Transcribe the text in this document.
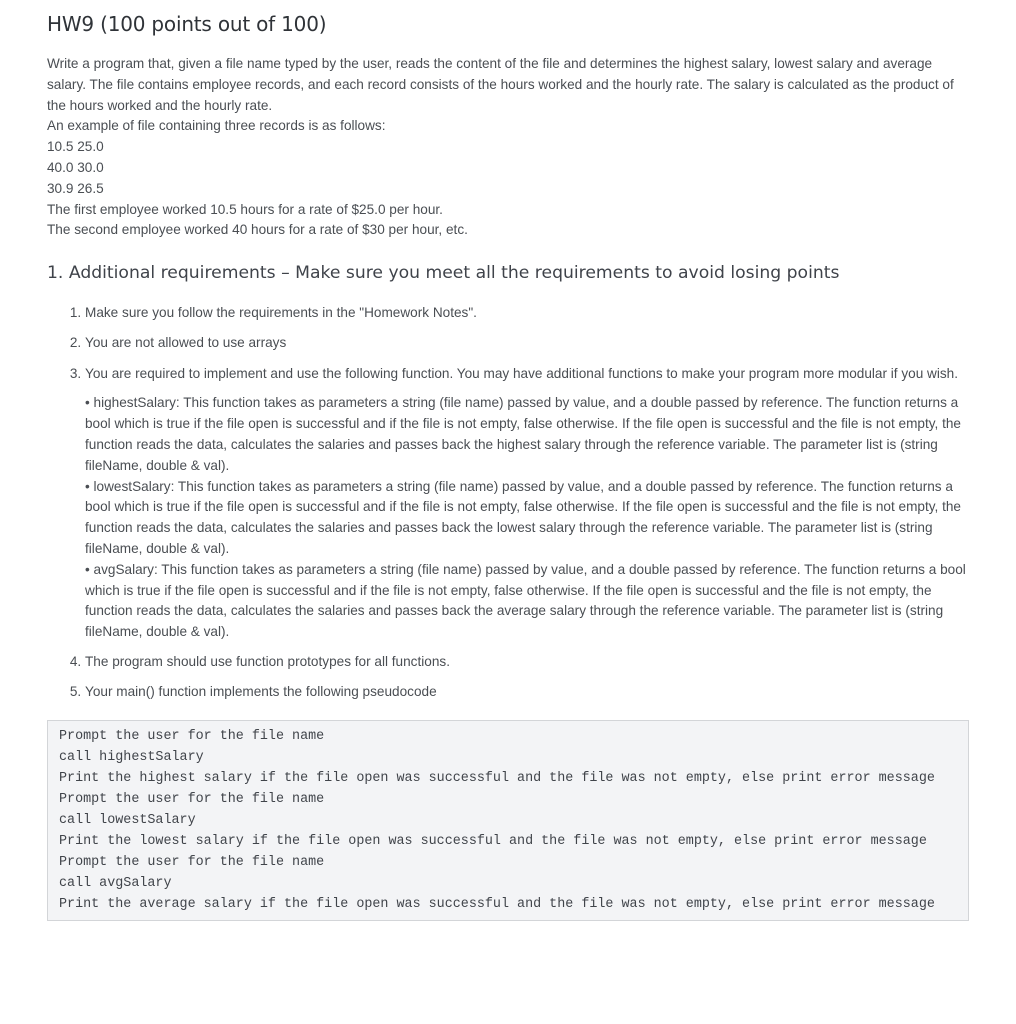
HW9 (100 points out of 100)

Write a program that, given a file name typed by the user, reads the content of the file and determines the highest salary, lowest salary and average salary. The file contains employee records, and each record consists of the hours worked and the hourly rate. The salary is calculated as the product of the hours worked and the hourly rate.

An example of file containing three records is as follows:

10.5 25.0

40.0 30.0

30.9 26.5

The first employee worked 10.5 hours for a rate of $25.0 per hour.

The second employee worked 40 hours for a rate of $30 per hour, etc.

1. Additional requirements – Make sure you meet all the requirements to avoid losing points
1. Make sure you follow the requirements in the "Homework Notes".
2. You are not allowed to use arrays
3. You are required to implement and use the following function. You may have additional functions to make your program more modular if you wish.

• highestSalary: This function takes as parameters a string (file name) passed by value, and a double passed by reference. The function returns a bool which is true if the file open is successful and if the file is not empty, false otherwise. If the file open is successful and the file is not empty, the function reads the data, calculates the salaries and passes back the highest salary through the reference variable. The parameter list is (string fileName, double & val).

• lowestSalary: This function takes as parameters a string (file name) passed by value, and a double passed by reference. The function returns a bool which is true if the file open is successful and if the file is not empty, false otherwise. If the file open is successful and the file is not empty, the function reads the data, calculates the salaries and passes back the lowest salary through the reference variable. The parameter list is (string fileName, double & val).

• avgSalary: This function takes as parameters a string (file name) passed by value, and a double passed by reference. The function returns a bool which is true if the file open is successful and if the file is not empty, false otherwise. If the file open is successful and the file is not empty, the function reads the data, calculates the salaries and passes back the average salary through the reference variable. The parameter list is (string fileName, double & val).

4. The program should use function prototypes for all functions.
5. Your main() function implements the following pseudocode
Prompt the user for the file name
call highestSalary
Print the highest salary if the file open was successful and the file was not empty, else print error message
Prompt the user for the file name
call lowestSalary
Print the lowest salary if the file open was successful and the file was not empty, else print error message
Prompt the user for the file name
call avgSalary
Print the average salary if the file open was successful and the file was not empty, else print error message
